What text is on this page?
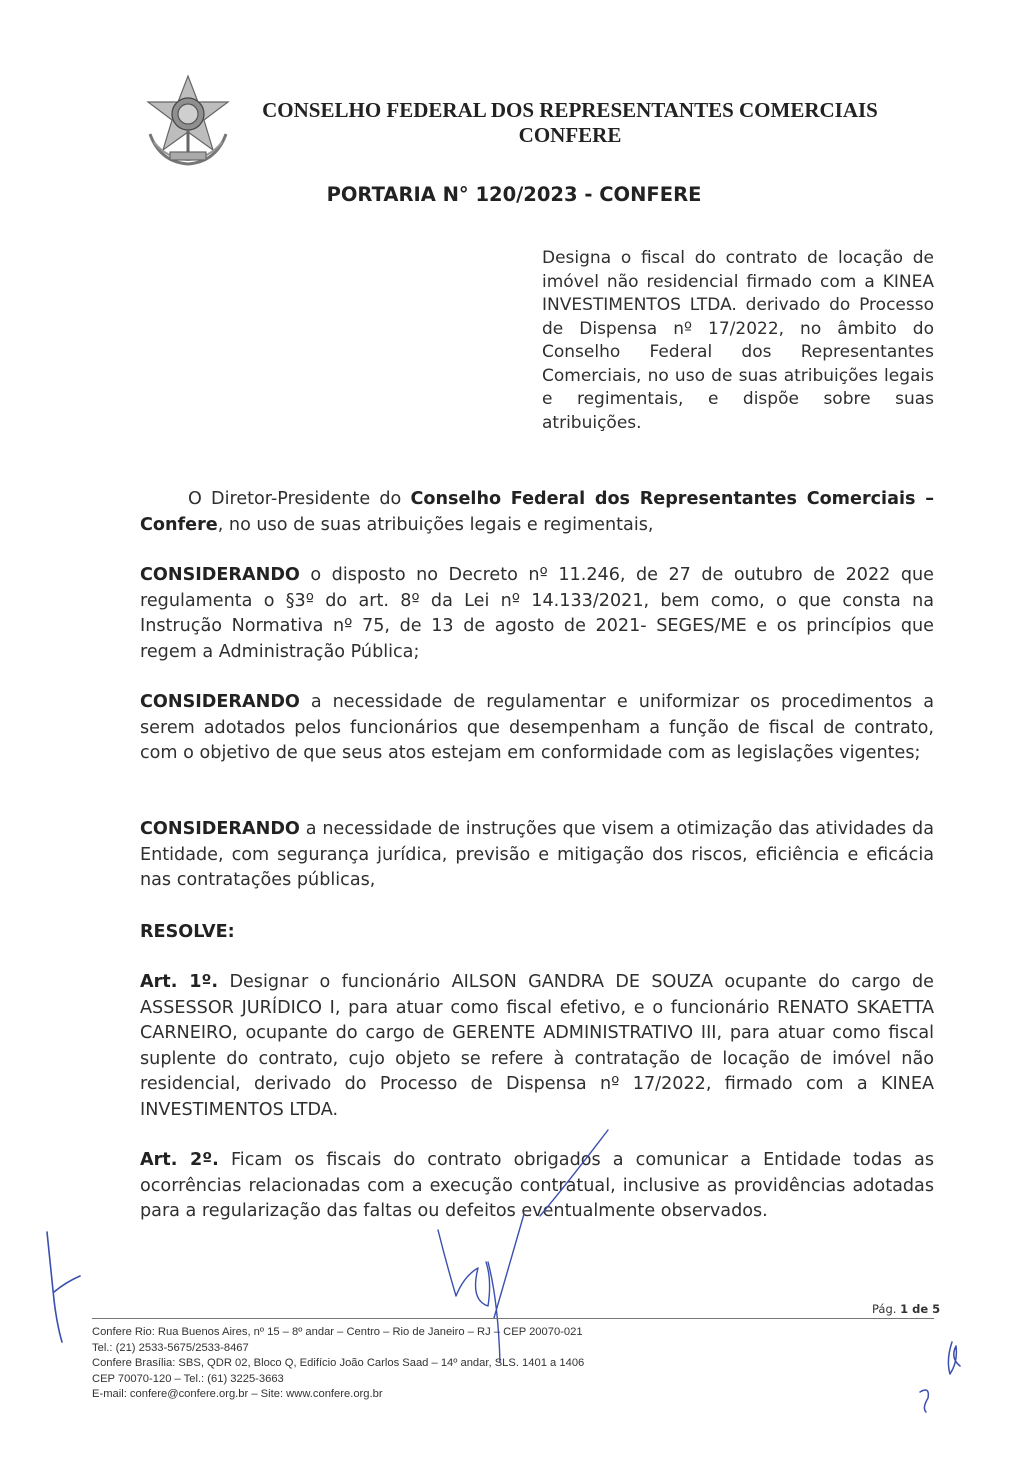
CONSELHO FEDERAL DOS REPRESENTANTES COMERCIAIS
CONFERE
PORTARIA N° 120/2023 - CONFERE
Designa o fiscal do contrato de locação de imóvel não residencial firmado com a KINEA INVESTIMENTOS LTDA. derivado do Processo de Dispensa nº 17/2022, no âmbito do Conselho Federal dos Representantes Comerciais, no uso de suas atribuições legais e regimentais, e dispõe sobre suas atribuições.
O Diretor-Presidente do Conselho Federal dos Representantes Comerciais – Confere, no uso de suas atribuições legais e regimentais,
CONSIDERANDO o disposto no Decreto nº 11.246, de 27 de outubro de 2022 que regulamenta o §3º do art. 8º da Lei nº 14.133/2021, bem como, o que consta na Instrução Normativa nº 75, de 13 de agosto de 2021- SEGES/ME e os princípios que regem a Administração Pública;
CONSIDERANDO a necessidade de regulamentar e uniformizar os procedimentos a serem adotados pelos funcionários que desempenham a função de fiscal de contrato, com o objetivo de que seus atos estejam em conformidade com as legislações vigentes;
CONSIDERANDO a necessidade de instruções que visem a otimização das atividades da Entidade, com segurança jurídica, previsão e mitigação dos riscos, eficiência e eficácia nas contratações públicas,
RESOLVE:
Art. 1º. Designar o funcionário AILSON GANDRA DE SOUZA ocupante do cargo de ASSESSOR JURÍDICO I, para atuar como fiscal efetivo, e o funcionário RENATO SKAETTA CARNEIRO, ocupante do cargo de GERENTE ADMINISTRATIVO III, para atuar como fiscal suplente do contrato, cujo objeto se refere à contratação de locação de imóvel não residencial, derivado do Processo de Dispensa nº 17/2022, firmado com a KINEA INVESTIMENTOS LTDA.
Art. 2º. Ficam os fiscais do contrato obrigados a comunicar a Entidade todas as ocorrências relacionadas com a execução contratual, inclusive as providências adotadas para a regularização das faltas ou defeitos eventualmente observados.
Pág. 1 de 5
Confere Rio: Rua Buenos Aires, nº 15 – 8º andar – Centro – Rio de Janeiro – RJ – CEP 20070-021
Tel.: (21) 2533-5675/2533-8467
Confere Brasília: SBS, QDR 02, Bloco Q, Edifício João Carlos Saad – 14º andar, SLS. 1401 a 1406
CEP 70070-120 – Tel.: (61) 3225-3663
E-mail: confere@confere.org.br – Site: www.confere.org.br
